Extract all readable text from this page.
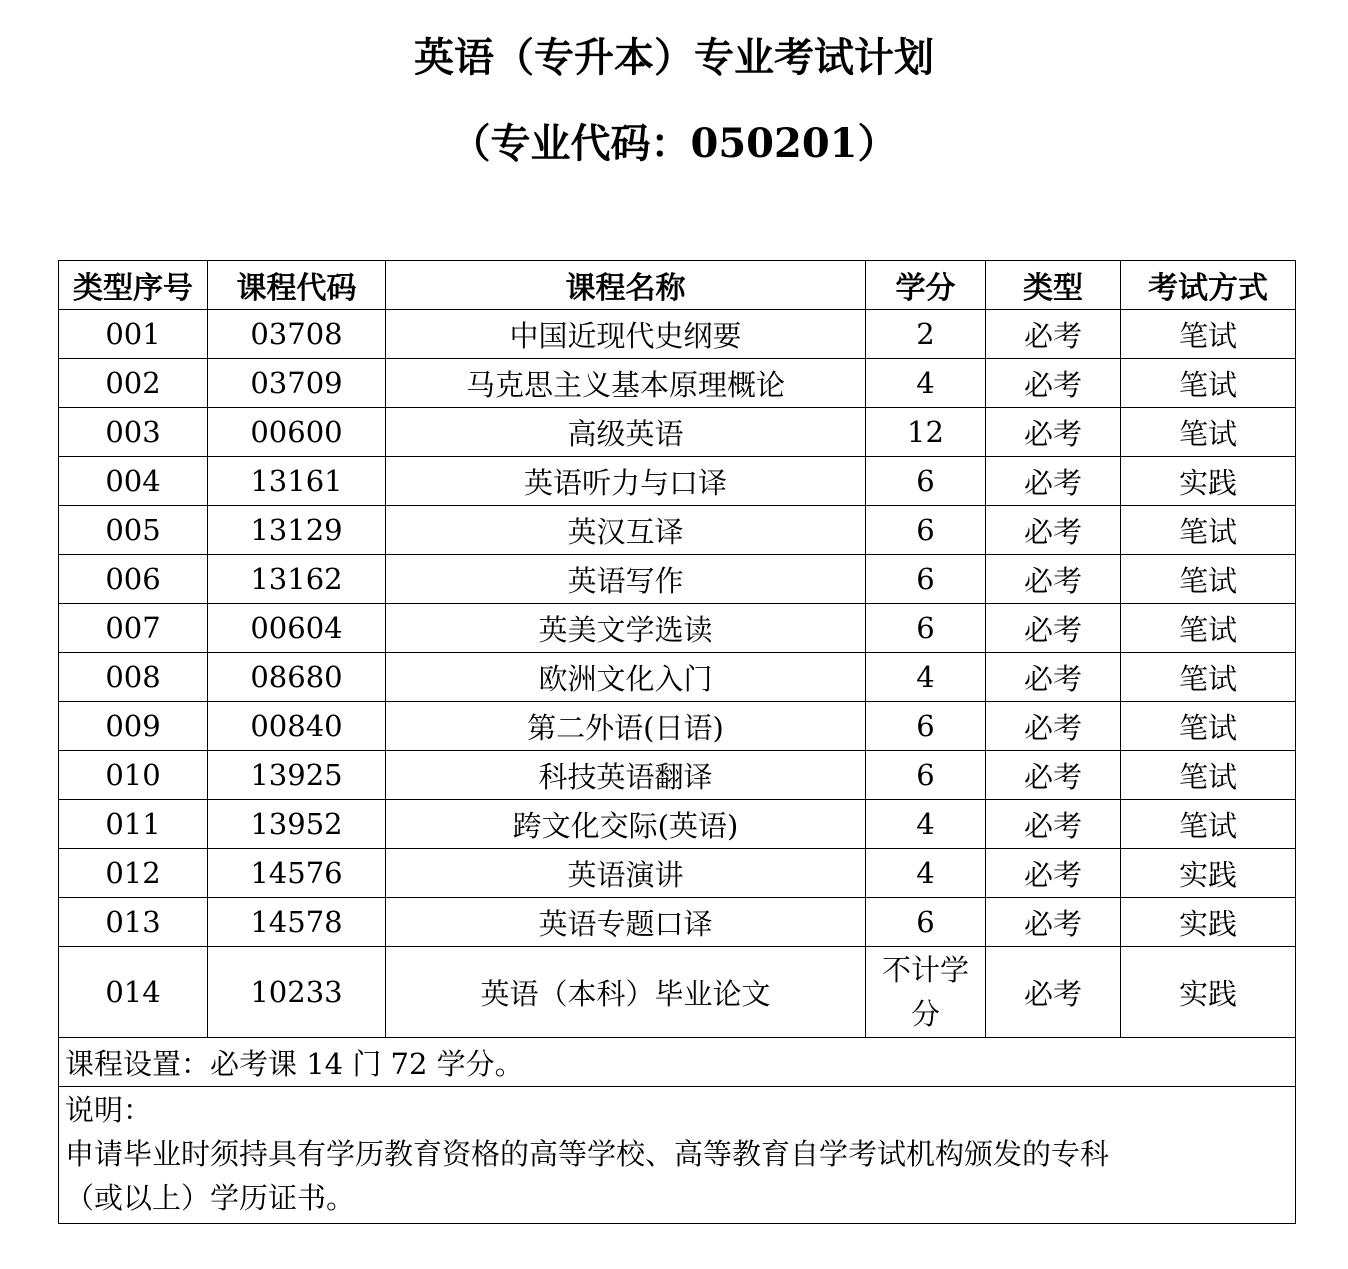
英语（专升本）专业考试计划
（专业代码：050201）
类型序号	课程代码	课程名称	学分	类型	考试方式
001	03708	中国近现代史纲要	2	必考	笔试
002	03709	马克思主义基本原理概论	4	必考	笔试
003	00600	高级英语	12	必考	笔试
004	13161	英语听力与口译	6	必考	实践
005	13129	英汉互译	6	必考	笔试
006	13162	英语写作	6	必考	笔试
007	00604	英美文学选读	6	必考	笔试
008	08680	欧洲文化入门	4	必考	笔试
009	00840	第二外语(日语)	6	必考	笔试
010	13925	科技英语翻译	6	必考	笔试
011	13952	跨文化交际(英语)	4	必考	笔试
012	14576	英语演讲	4	必考	实践
013	14578	英语专题口译	6	必考	实践
014	10233	英语（本科）毕业论文	不计学分	必考	实践
课程设置：必考课 14 门 72 学分。					

说明：
申请毕业时须持具有学历教育资格的高等学校、高等教育自学考试机构颁发的专科
（或以上）学历证书。					
